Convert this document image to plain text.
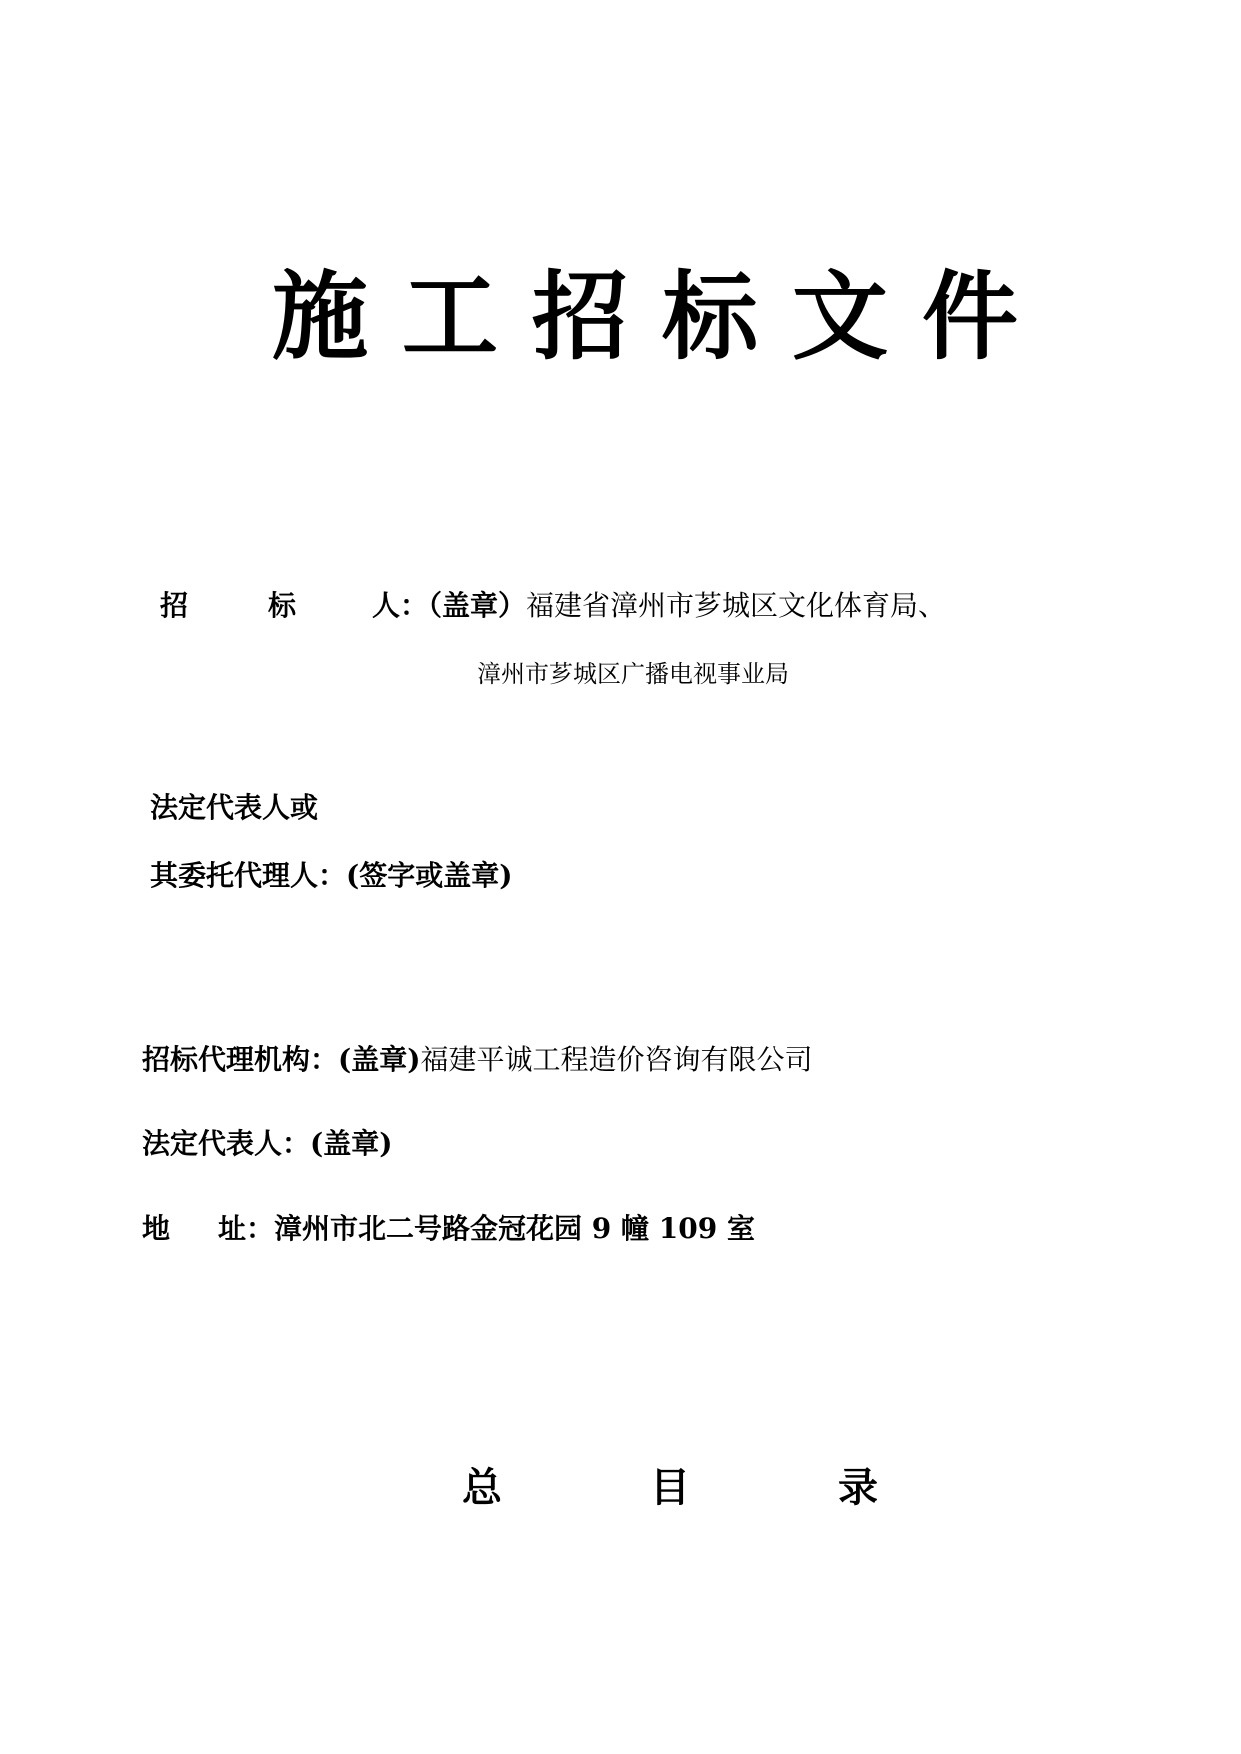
施 工 招 标 文 件
招	标	人：（盖章）福建省漳州市芗城区文化体育局、
漳州市芗城区广播电视事业局
法定代表人或
其委托代理人：(签字或盖章)
招标代理机构：(盖章)福建平诚工程造价咨询有限公司
法定代表人：(盖章)
地 址：漳州市北二号路金冠花园 9 幢 109 室
总	目	录
